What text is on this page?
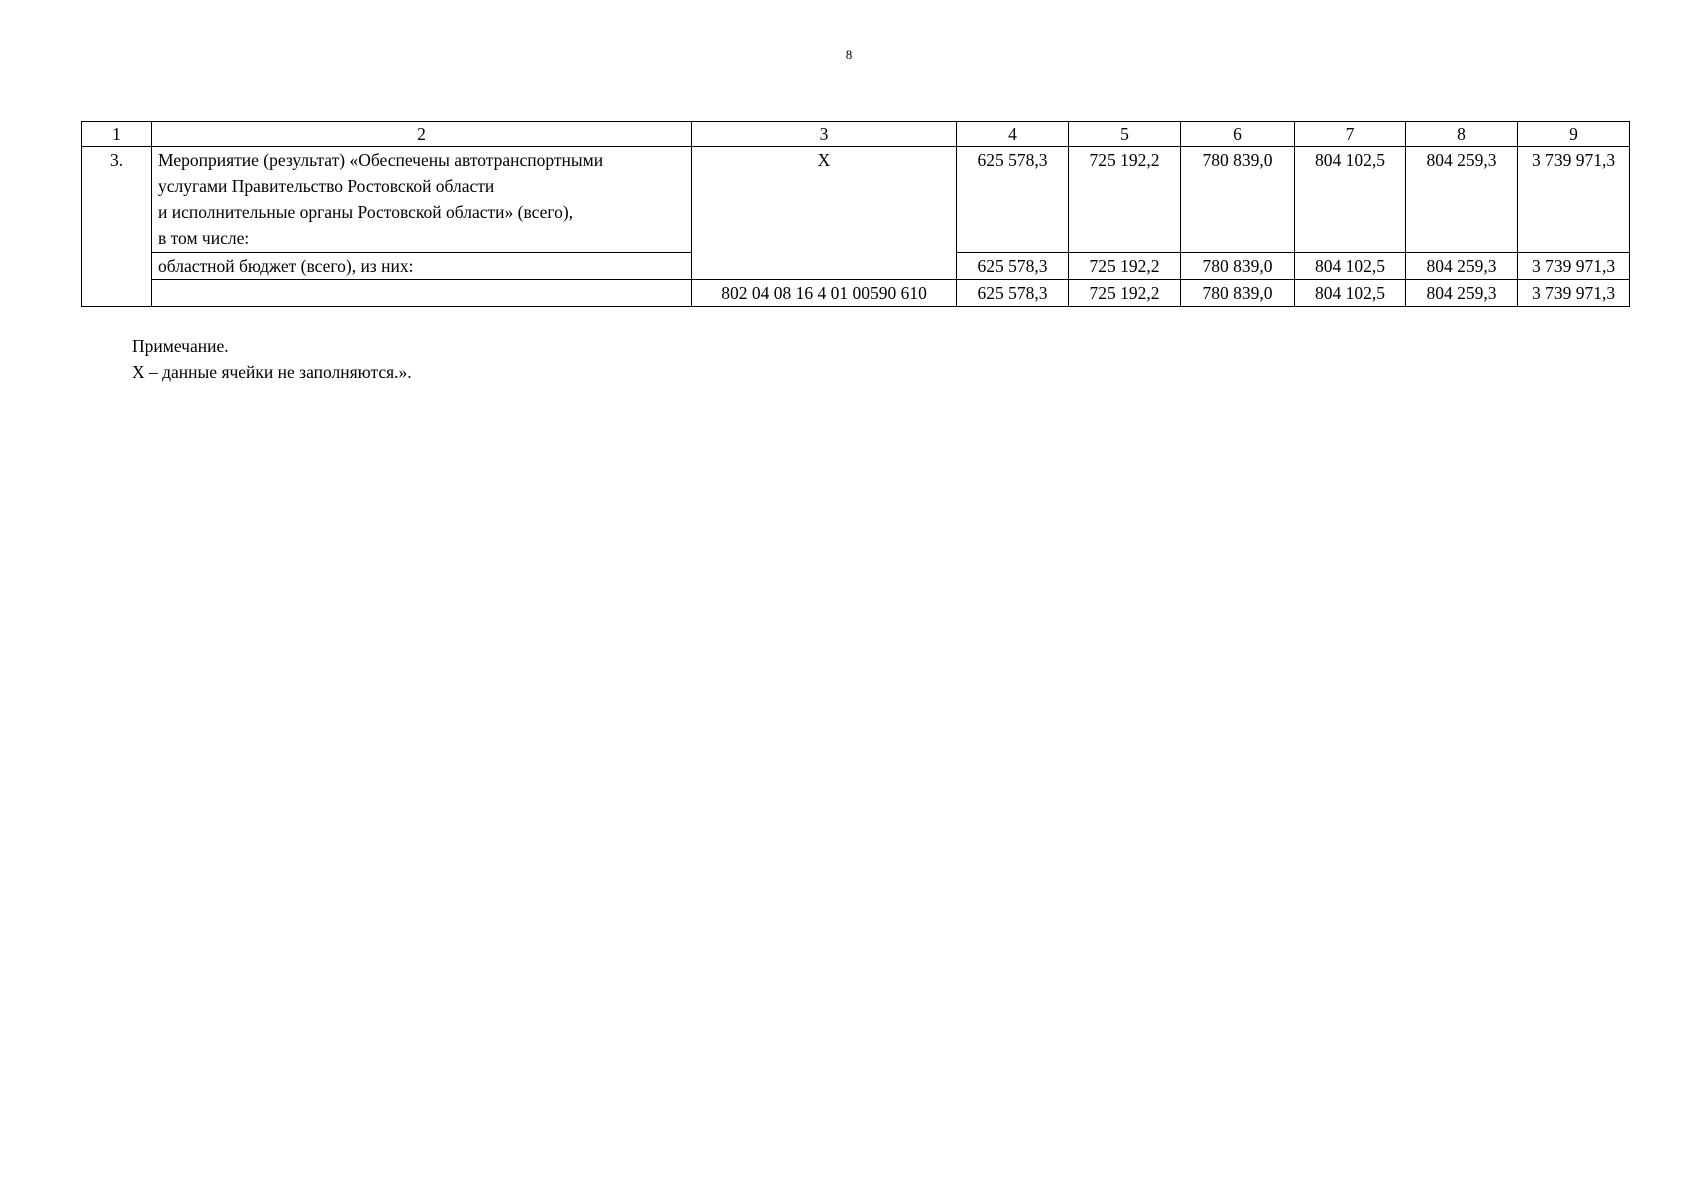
8
1	2	3	4	5	6	7	8	9
3.	Мероприятие (результат) «Обеспечены автотранспортными
услугами Правительство Ростовской области
и исполнительные органы Ростовской области» (всего),
в том числе:	X	625 578,3	725 192,2	780 839,0	804 102,5	804 259,3	3 739 971,3
	областной бюджет (всего), из них:		625 578,3	725 192,2	780 839,0	804 102,5	804 259,3	3 739 971,3
		802 04 08 16 4 01 00590 610	625 578,3	725 192,2	780 839,0	804 102,5	804 259,3	3 739 971,3
Примечание.
X – данные ячейки не заполняются.».
